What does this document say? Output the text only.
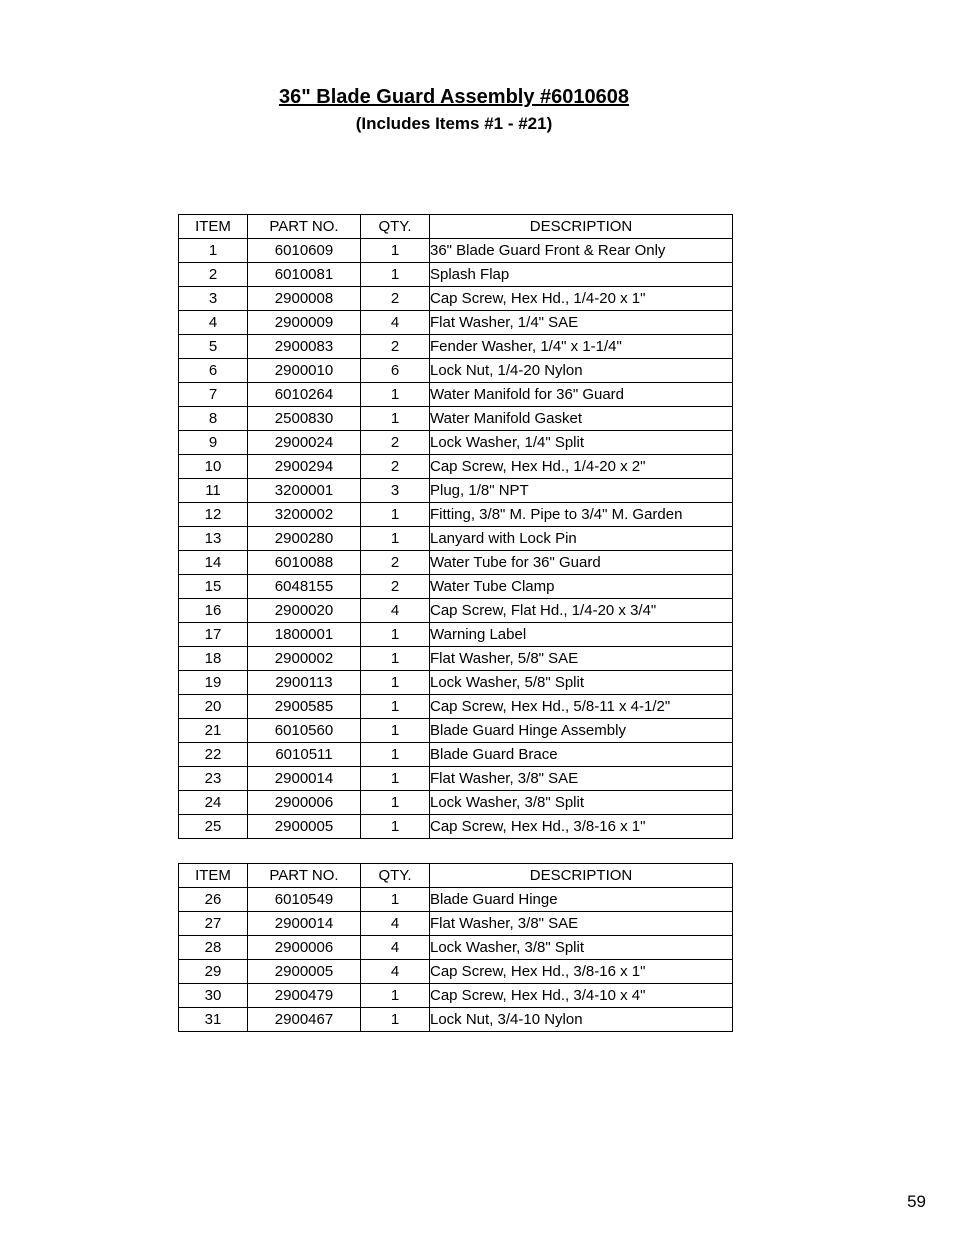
36" Blade Guard Assembly #6010608
(Includes Items #1 - #21)
ITEM	PART NO.	QTY.	DESCRIPTION
1	6010609	1	36" Blade Guard Front & Rear Only
2	6010081	1	Splash Flap
3	2900008	2	Cap Screw, Hex Hd., 1/4-20 x 1"
4	2900009	4	Flat Washer, 1/4" SAE
5	2900083	2	Fender Washer, 1/4" x 1-1/4"
6	2900010	6	Lock Nut, 1/4-20 Nylon
7	6010264	1	Water Manifold for 36" Guard
8	2500830	1	Water Manifold Gasket
9	2900024	2	Lock Washer, 1/4" Split
10	2900294	2	Cap Screw, Hex Hd., 1/4-20 x 2"
11	3200001	3	Plug, 1/8" NPT
12	3200002	1	Fitting, 3/8" M. Pipe to 3/4" M. Garden
13	2900280	1	Lanyard with Lock Pin
14	6010088	2	Water Tube for 36" Guard
15	6048155	2	Water Tube Clamp
16	2900020	4	Cap Screw, Flat Hd., 1/4-20 x 3/4"
17	1800001	1	Warning Label
18	2900002	1	Flat Washer, 5/8" SAE
19	2900113	1	Lock Washer, 5/8" Split
20	2900585	1	Cap Screw, Hex Hd., 5/8-11 x 4-1/2"
21	6010560	1	Blade Guard Hinge Assembly
22	6010511	1	Blade Guard Brace
23	2900014	1	Flat Washer, 3/8" SAE
24	2900006	1	Lock Washer, 3/8" Split
25	2900005	1	Cap Screw, Hex Hd., 3/8-16 x 1"
ITEM	PART NO.	QTY.	DESCRIPTION
26	6010549	1	Blade Guard Hinge
27	2900014	4	Flat Washer, 3/8" SAE
28	2900006	4	Lock Washer, 3/8" Split
29	2900005	4	Cap Screw, Hex Hd., 3/8-16 x 1"
30	2900479	1	Cap Screw, Hex Hd., 3/4-10 x 4"
31	2900467	1	Lock Nut, 3/4-10 Nylon
59
